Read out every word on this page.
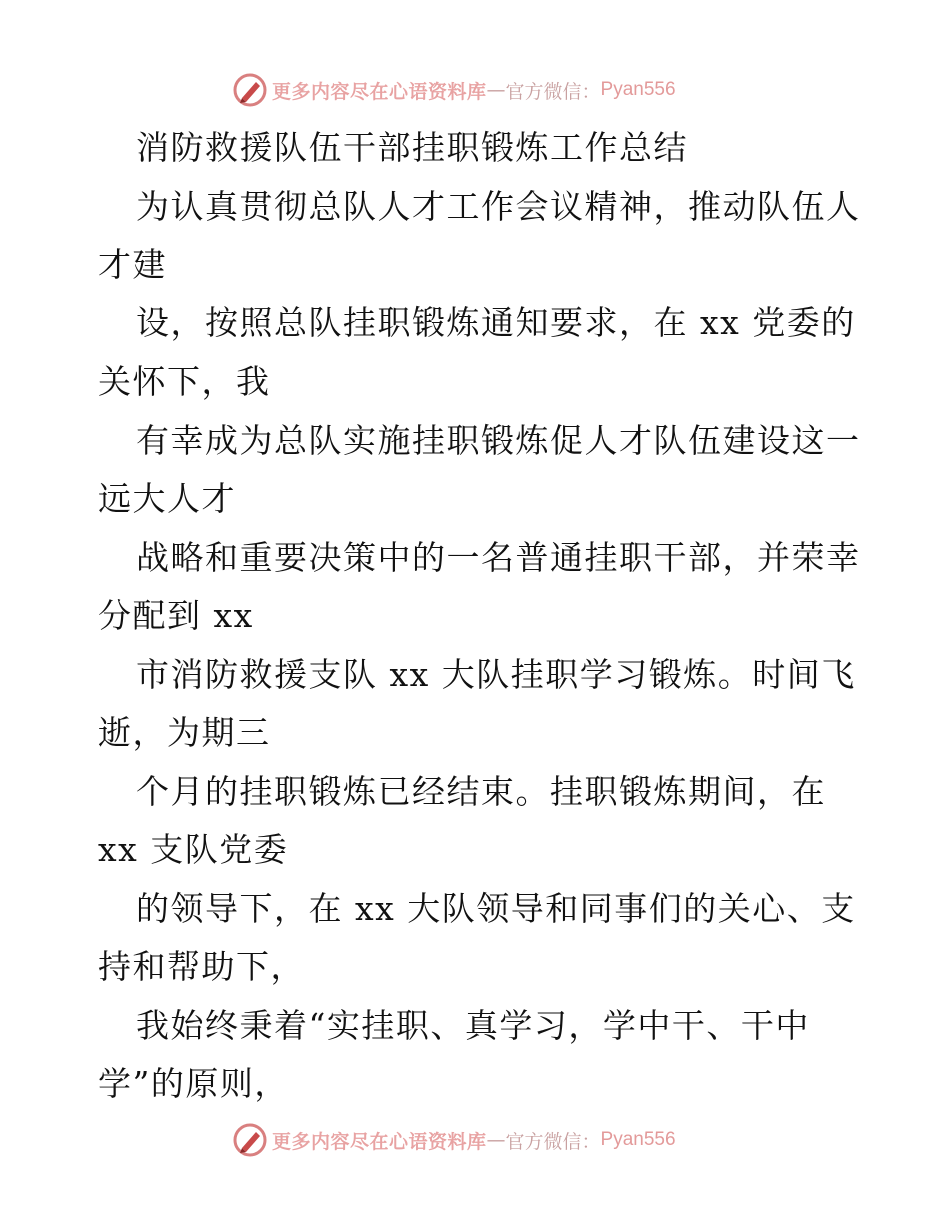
更多内容尽在心语资料库 — 官方微信： Pyan556
消防救援队伍干部挂职锻炼工作总结
为认真贯彻总队人才工作会议精神，推动队伍人
才建
设，按照总队挂职锻炼通知要求，在 xx 党委的
关怀下，我
有幸成为总队实施挂职锻炼促人才队伍建设这一
远大人才
战略和重要决策中的一名普通挂职干部，并荣幸
分配到 xx
市消防救援支队 xx 大队挂职学习锻炼。时间飞
逝，为期三
个月的挂职锻炼已经结束。挂职锻炼期间，在
xx 支队党委
的领导下，在 xx 大队领导和同事们的关心、支
持和帮助下，
我始终秉着“实挂职、真学习，学中干、干中
学”的原则，
更多内容尽在心语资料库 — 官方微信： Pyan556
